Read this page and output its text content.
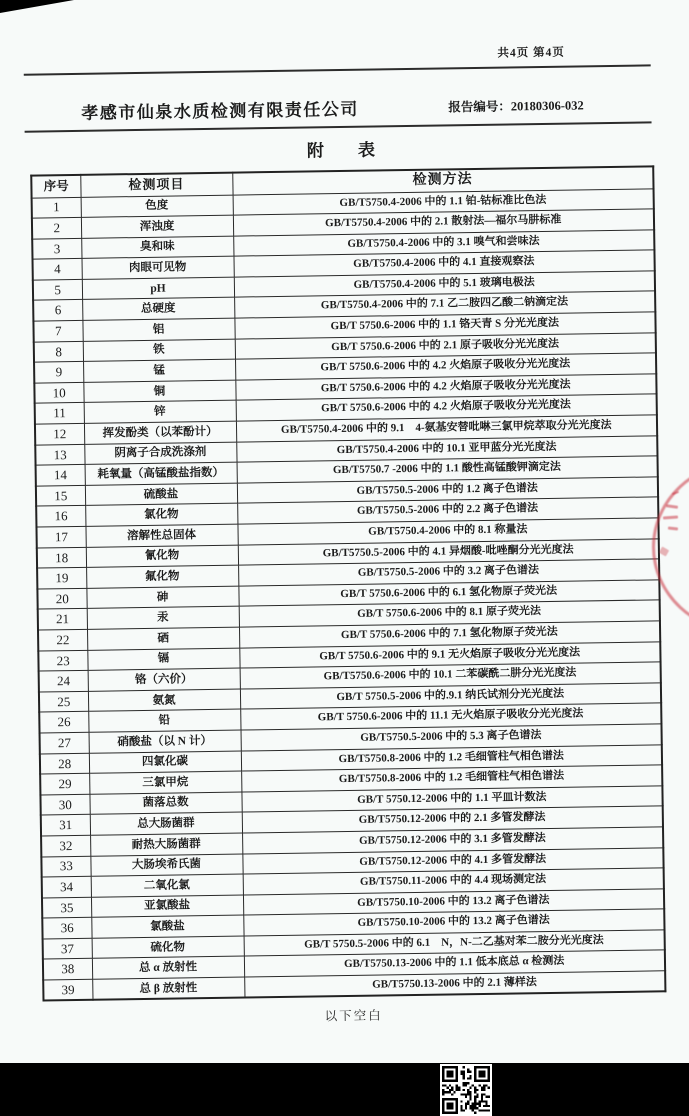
共4页 第4页
孝感市仙泉水质检测有限责任公司	报告编号：20180306-032
附        表
序号	检测项目	检测方法
1	色度	GB/T5750.4-2006 中的 1.1 铂-钴标准比色法
2	浑浊度	GB/T5750.4-2006 中的 2.1 散射法—福尔马肼标准
3	臭和味	GB/T5750.4-2006 中的 3.1 嗅气和尝味法
4	肉眼可见物	GB/T5750.4-2006 中的 4.1 直接观察法
5	pH	GB/T5750.4-2006 中的 5.1 玻璃电极法
6	总硬度	GB/T5750.4-2006 中的 7.1 乙二胺四乙酸二钠滴定法
7	铝	GB/T 5750.6-2006 中的 1.1 铬天青 S 分光光度法
8	铁	GB/T 5750.6-2006 中的 2.1 原子吸收分光光度法
9	锰	GB/T 5750.6-2006 中的 4.2 火焰原子吸收分光光度法
10	铜	GB/T 5750.6-2006 中的 4.2 火焰原子吸收分光光度法
11	锌	GB/T 5750.6-2006 中的 4.2 火焰原子吸收分光光度法
12	挥发酚类（以苯酚计）	GB/T5750.4-2006 中的 9.1　4-氨基安替吡啉三氯甲烷萃取分光光度法
13	阴离子合成洗涤剂	GB/T5750.4-2006 中的 10.1 亚甲蓝分光光度法
14	耗氧量（高锰酸盐指数）	GB/T5750.7 -2006 中的 1.1 酸性高锰酸钾滴定法
15	硫酸盐	GB/T5750.5-2006 中的 1.2 离子色谱法
16	氯化物	GB/T5750.5-2006 中的 2.2 离子色谱法
17	溶解性总固体	GB/T5750.4-2006 中的 8.1 称量法
18	氰化物	GB/T5750.5-2006 中的 4.1 异烟酸-吡唑酮分光光度法
19	氟化物	GB/T5750.5-2006 中的 3.2 离子色谱法
20	砷	GB/T 5750.6-2006 中的 6.1 氢化物原子荧光法
21	汞	GB/T 5750.6-2006 中的 8.1 原子荧光法
22	硒	GB/T 5750.6-2006 中的 7.1 氢化物原子荧光法
23	镉	GB/T 5750.6-2006 中的 9.1 无火焰原子吸收分光光度法
24	铬（六价）	GB/T5750.6-2006 中的 10.1 二苯碳酰二肼分光光度法
25	氨氮	GB/T 5750.5-2006 中的.9.1 纳氏试剂分光光度法
26	铅	GB/T 5750.6-2006 中的 11.1 无火焰原子吸收分光光度法
27	硝酸盐（以 N 计）	GB/T5750.5-2006 中的 5.3 离子色谱法
28	四氯化碳	GB/T5750.8-2006 中的 1.2 毛细管柱气相色谱法
29	三氯甲烷	GB/T5750.8-2006 中的 1.2 毛细管柱气相色谱法
30	菌落总数	GB/T 5750.12-2006 中的 1.1 平皿计数法
31	总大肠菌群	GB/T5750.12-2006 中的 2.1 多管发酵法
32	耐热大肠菌群	GB/T5750.12-2006 中的 3.1 多管发酵法
33	大肠埃希氏菌	GB/T5750.12-2006 中的 4.1 多管发酵法
34	二氧化氯	GB/T5750.11-2006 中的 4.4 现场测定法
35	亚氯酸盐	GB/T5750.10-2006 中的 13.2 离子色谱法
36	氯酸盐	GB/T5750.10-2006 中的 13.2 离子色谱法
37	硫化物	GB/T 5750.5-2006 中的 6.1　N，N-二乙基对苯二胺分光光度法
38	总 α 放射性	GB/T5750.13-2006 中的 1.1 低本底总 α 检测法
39	总 β 放射性	GB/T5750.13-2006 中的 2.1 薄样法
以下空白
